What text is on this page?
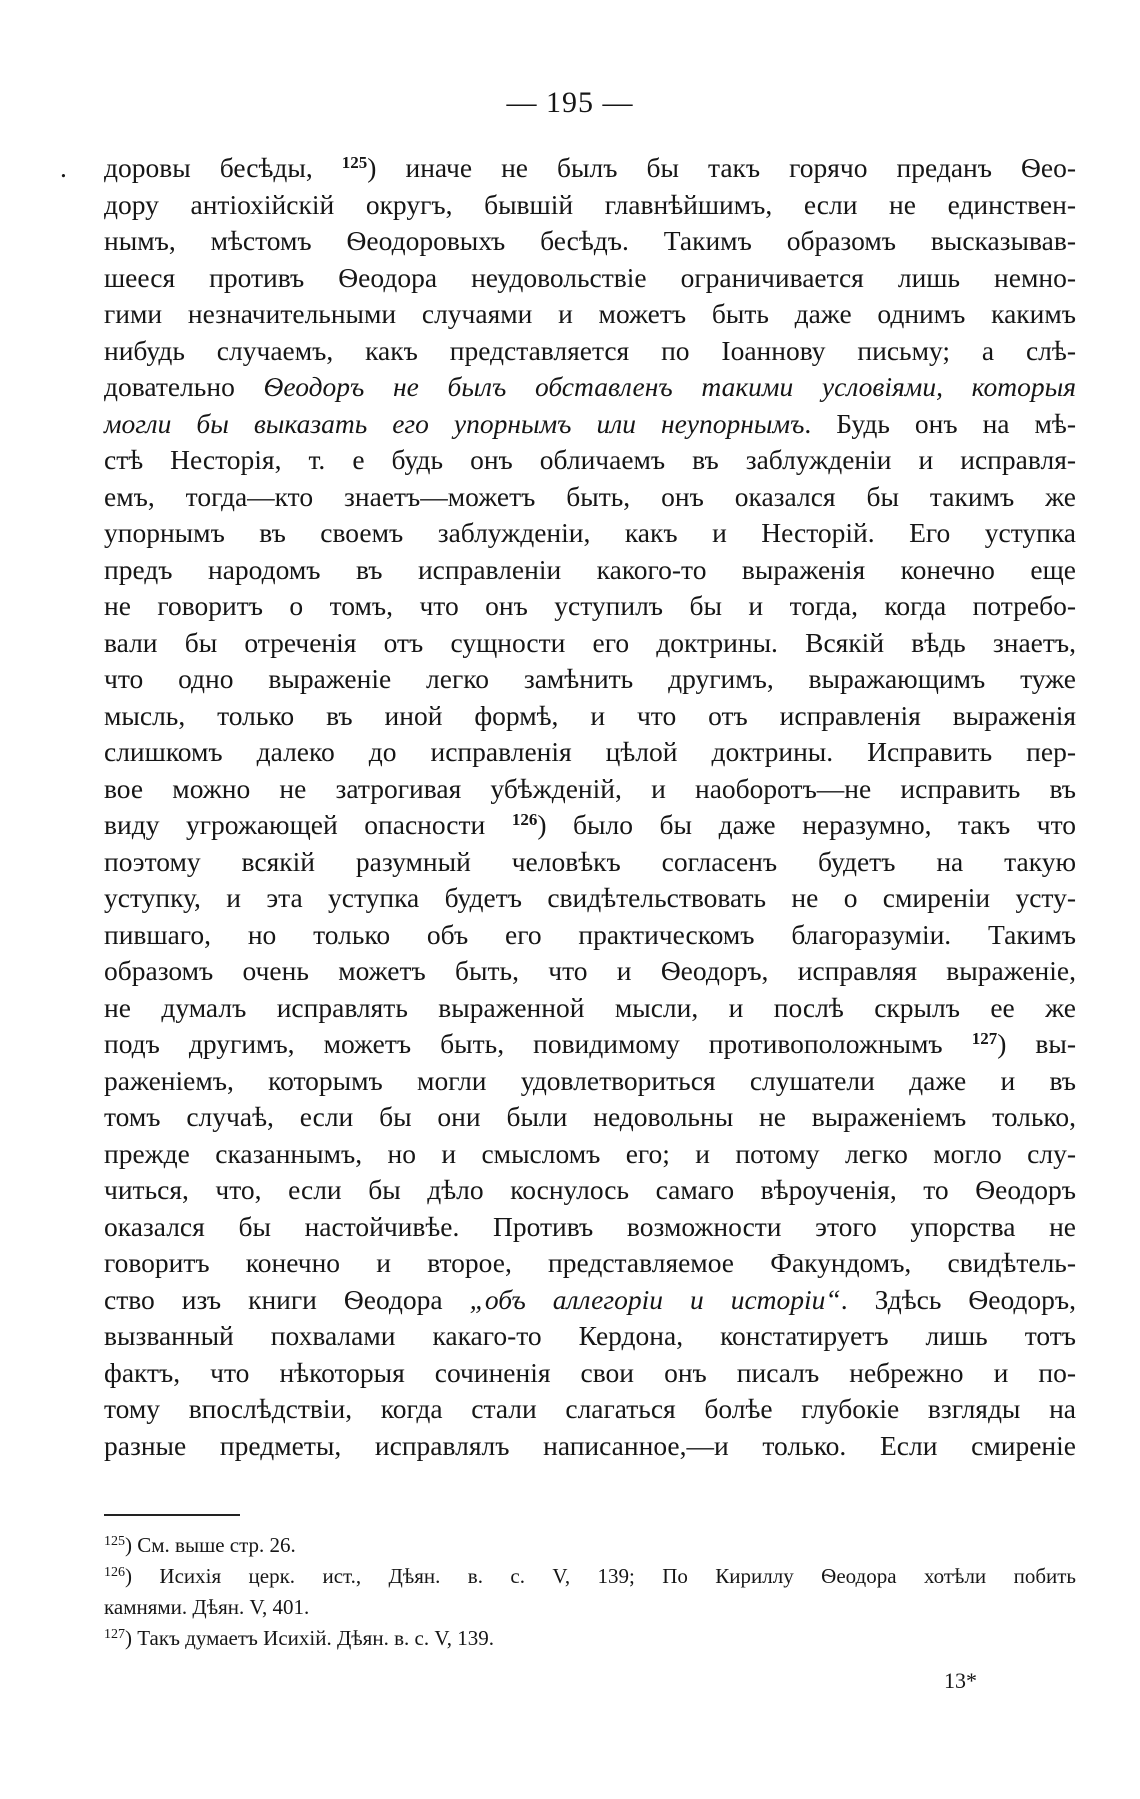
— 195 —
. доровы бесѣды, $^{125}$) иначе не былъ бы такъ горячо преданъ Ѳео-
дору антіохійскій округъ, бывшій главнѣйшимъ, если не единствен-
нымъ, мѣстомъ Ѳеодоровыхъ бесѣдъ. Такимъ образомъ высказывав-
шееся противъ Ѳеодора неудовольствіе ограничивается лишь немно-
гими незначительными случаями и можетъ быть даже однимъ какимъ
нибудь случаемъ, какъ представляется по Іоаннову письму; а слѣ-
довательно Ѳеодоръ не былъ обставленъ такими условіями, которыя
могли бы выказать его упорнымъ или неупорнымъ. Будь онъ на мѣ-
стѣ Несторія, т. е будь онъ обличаемъ въ заблужденіи и исправля-
емъ, тогда—кто знаетъ—можетъ быть, онъ оказался бы такимъ же
упорнымъ въ своемъ заблужденіи, какъ и Несторій. Его уступка
предъ народомъ въ исправленіи какого-то выраженія конечно еще
не говоритъ о томъ, что онъ уступилъ бы и тогда, когда потребо-
вали бы отреченія отъ сущности его доктрины. Всякій вѣдь знаетъ,
что одно выраженіе легко замѣнить другимъ, выражающимъ туже
мысль, только въ иной формѣ, и что отъ исправленія выраженія
слишкомъ далеко до исправленія цѣлой доктрины. Исправить пер-
вое можно не затрогивая убѣжденій, и наоборотъ—не исправить въ
виду угрожающей опасности $^{126}$) было бы даже неразумно, такъ что
поэтому всякій разумный человѣкъ согласенъ будетъ на такую
уступку, и эта уступка будетъ свидѣтельствовать не о смиреніи усту-
пившаго, но только объ его практическомъ благоразуміи. Такимъ
образомъ очень можетъ быть, что и Ѳеодоръ, исправляя выраженіе,
не думалъ исправлять выраженной мысли, и послѣ скрылъ ее же
подъ другимъ, можетъ быть, повидимому противоположнымъ $^{127}$) вы-
раженіемъ, которымъ могли удовлетвориться слушатели даже и въ
томъ случаѣ, если бы они были недовольны не выраженіемъ только,
прежде сказаннымъ, но и смысломъ его; и потому легко могло слу-
читься, что, если бы дѣло коснулось самаго вѣроученія, то Ѳеодоръ
оказался бы настойчивѣе. Противъ возможности этого упорства не
говоритъ конечно и второе, представляемое Факундомъ, свидѣтель-
ство изъ книги Ѳеодора „объ аллегоріи и исторіи“. Здѣсь Ѳеодоръ,
вызванный похвалами какаго-то Кердона, констатируетъ лишь тотъ
фактъ, что нѣкоторыя сочиненія свои онъ писалъ небрежно и по-
тому впослѣдствіи, когда стали слагаться болѣе глубокіе взгляды на
разные предметы, исправлялъ написанное,—и только. Если смиреніе
$^{125}$) См. выше стр. 26.
$^{126}$) Исихія церк. ист., Дѣян. в. с. V, 139; По Кириллу Ѳеодора хотѣли побить
камнями. Дѣян. V, 401.
$^{127}$) Такъ думаетъ Исихій. Дѣян. в. с. V, 139.
13*
